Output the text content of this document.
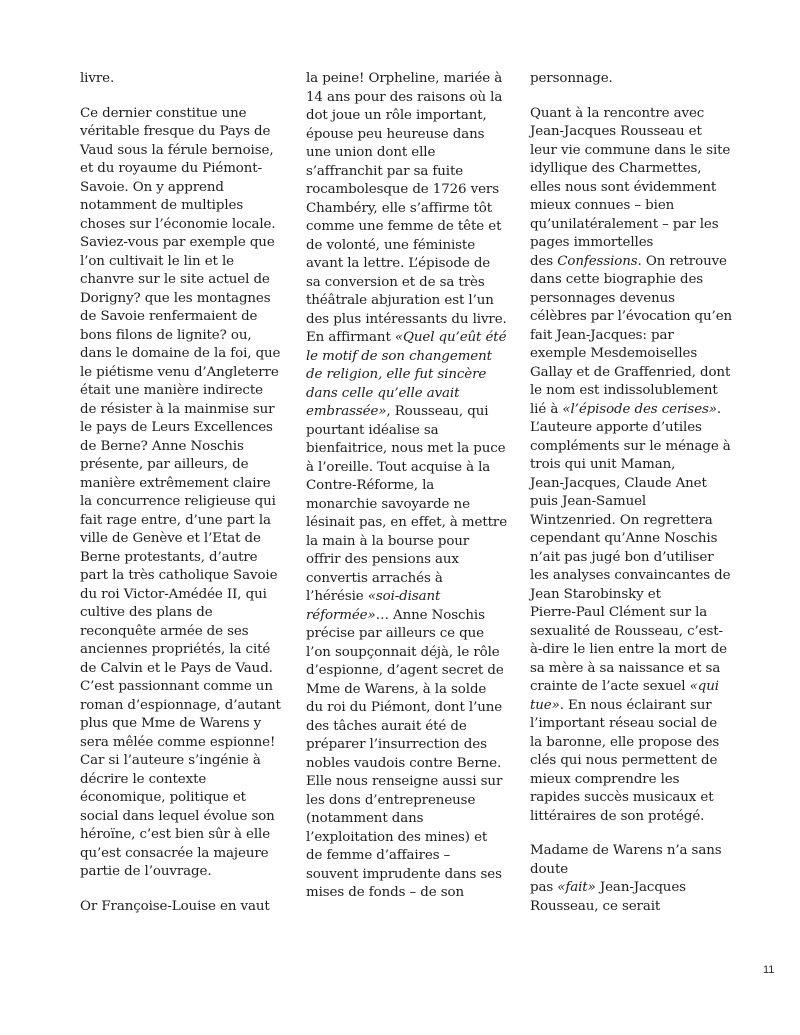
livre.

Ce dernier constitue une
véritable fresque du Pays de
Vaud sous la férule bernoise,
et du royaume du Piémont-
Savoie. On y apprend
notamment de multiples
choses sur l’économie locale.
Saviez-vous par exemple que
l’on cultivait le lin et le
chanvre sur le site actuel de
Dorigny? que les montagnes
de Savoie renfermaient de
bons filons de lignite? ou,
dans le domaine de la foi, que
le piétisme venu d’Angleterre
était une manière indirecte
de résister à la mainmise sur
le pays de Leurs Excellences
de Berne? Anne Noschis
présente, par ailleurs, de
manière extrêmement claire
la concurrence religieuse qui
fait rage entre, d’une part la
ville de Genève et l’Etat de
Berne protestants, d’autre
part la très catholique Savoie
du roi Victor-Amédée II, qui
cultive des plans de
reconquête armée de ses
anciennes propriétés, la cité
de Calvin et le Pays de Vaud.
C’est passionnant comme un
roman d’espionnage, d’autant
plus que Mme de Warens y
sera mêlée comme espionne!
Car si l’auteure s’ingénie à
décrire le contexte
économique, politique et
social dans lequel évolue son
héroïne, c’est bien sûr à elle
qu’est consacrée la majeure
partie de l’ouvrage.

Or Françoise-Louise en vaut

la peine! Orpheline, mariée à
14 ans pour des raisons où la
dot joue un rôle important,
épouse peu heureuse dans
une union dont elle
s’affranchit par sa fuite
rocambolesque de 1726 vers
Chambéry, elle s’affirme tôt
comme une femme de tête et
de volonté, une féministe
avant la lettre. L’épisode de
sa conversion et de sa très
théâtrale abjuration est l’un
des plus intéressants du livre.
En affirmant «Quel qu’eût été
le motif de son changement
de religion, elle fut sincère
dans celle qu’elle avait
embrassée», Rousseau, qui
pourtant idéalise sa
bienfaitrice, nous met la puce
à l’oreille. Tout acquise à la
Contre-Réforme, la
monarchie savoyarde ne
lésinait pas, en effet, à mettre
la main à la bourse pour
offrir des pensions aux
convertis arrachés à
l’hérésie «soi-disant
réformée»… Anne Noschis
précise par ailleurs ce que
l’on soupçonnait déjà, le rôle
d’espionne, d’agent secret de
Mme de Warens, à la solde
du roi du Piémont, dont l’une
des tâches aurait été de
préparer l’insurrection des
nobles vaudois contre Berne.
Elle nous renseigne aussi sur
les dons d’entrepreneuse
(notamment dans
l’exploitation des mines) et
de femme d’affaires –
souvent imprudente dans ses
mises de fonds – de son

personnage.

Quant à la rencontre avec
Jean-Jacques Rousseau et
leur vie commune dans le site
idyllique des Charmettes,
elles nous sont évidemment
mieux connues – bien
qu’unilatéralement – par les
pages immortelles
des Confessions. On retrouve
dans cette biographie des
personnages devenus
célèbres par l’évocation qu’en
fait Jean-Jacques: par
exemple Mesdemoiselles
Gallay et de Graffenried, dont
le nom est indissolublement
lié à «l’épisode des cerises».
L’auteure apporte d’utiles
compléments sur le ménage à
trois qui unit Maman,
Jean-Jacques, Claude Anet
puis Jean-Samuel
Wintzenried. On regrettera
cependant qu’Anne Noschis
n’ait pas jugé bon d’utiliser
les analyses convaincantes de
Jean Starobinsky et
Pierre-Paul Clément sur la
sexualité de Rousseau, c’est-
à-dire le lien entre la mort de
sa mère à sa naissance et sa
crainte de l’acte sexuel «qui
tue». En nous éclairant sur
l’important réseau social de
la baronne, elle propose des
clés qui nous permettent de
mieux comprendre les
rapides succès musicaux et
littéraires de son protégé.

Madame de Warens n’a sans
doute
pas «fait» Jean-Jacques
Rousseau, ce serait

11
